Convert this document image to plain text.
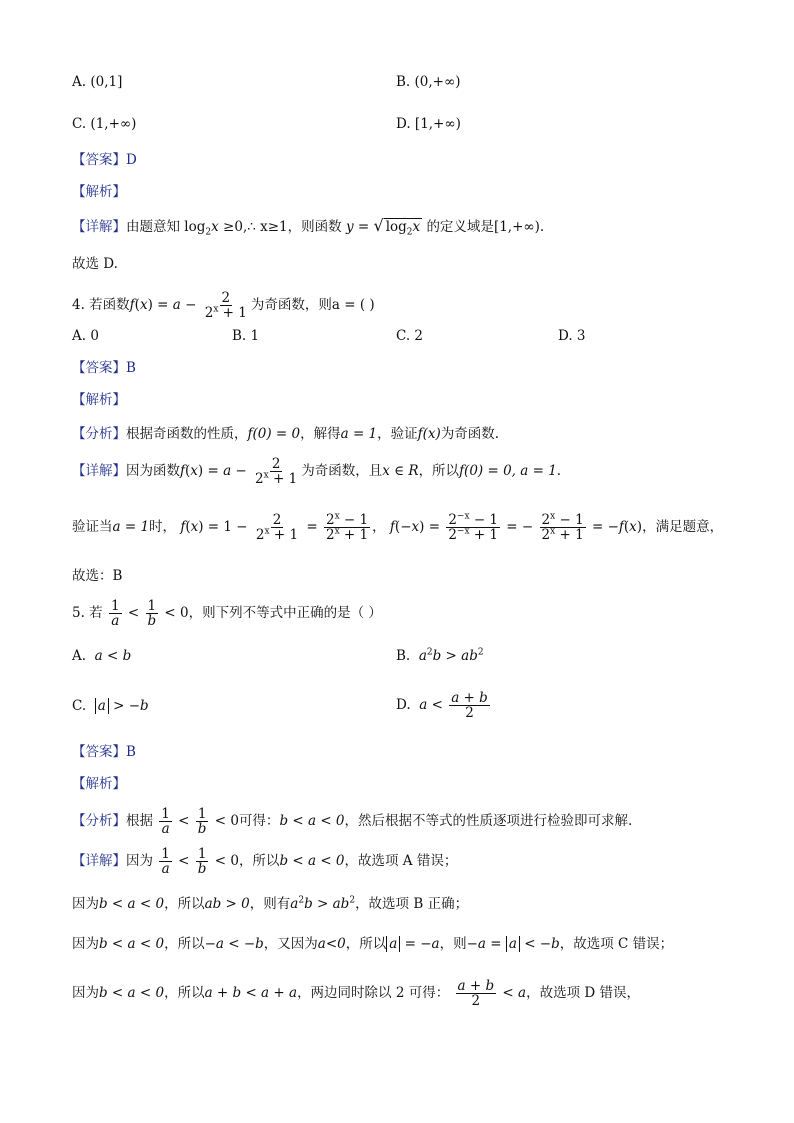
A. (0,1]	B. (0,+∞)
C. (1,+∞)	D. [1,+∞)
【答案】D
【解析】
【详解】由题意知 $\log_2x$ ≥0,∴ x≥1，则函数 y = √ $\log_2x$ 的定义域是[1,+∞).
故选 D.
4. 若函数$f(x) = a - \frac{2}{2^x + 1}$ 为奇函数，则a = ( )
A. 0	B. 1	C. 2	D. 3
【答案】B
【解析】
【分析】根据奇函数的性质，f(0) = 0，解得a = 1，验证f(x)为奇函数.
【详解】因为函数$f(x) = a - \frac{2}{2^x + 1}$ 为奇函数，且x ∈ R，所以f(0) = 0, a = 1.
验证当a = 1时， $f(x) = 1 - \frac{2}{2^x + 1} = \frac{2^x - 1}{2^x + 1}$ ， $f(-x) = \frac{2^{-x} - 1}{2^{-x} + 1}$ = − $\frac{2^x - 1}{2^x + 1} = -f(x)$，满足题意，
故选：B
5. 若 $\frac{1}{a} < \frac{1}{b} < 0$，则下列不等式中正确的是（ ）
A. a < b	B. $a^2b > ab^2$
C. a > −b	D. $a < \frac{a + b}{2}$
【答案】B
【解析】
【分析】根据 $\frac{1}{a} < \frac{1}{b} < 0$可得：b < a < 0，然后根据不等式的性质逐项进行检验即可求解.
【详解】因为 $\frac{1}{a} < \frac{1}{b} < 0$，所以b < a < 0，故选项 A 错误；
因为b < a < 0，所以ab > 0，则有$a^2b > ab^2$，故选项 B 正确；
因为b < a < 0，所以−a < −b，又因为a<0，所以 a = −a，则−a = a < −b，故选项 C 错误；
因为b < a < 0，所以a + b < a + a，两边同时除以 2 可得： $\frac{a + b}{2} < a$，故选项 D 错误，
